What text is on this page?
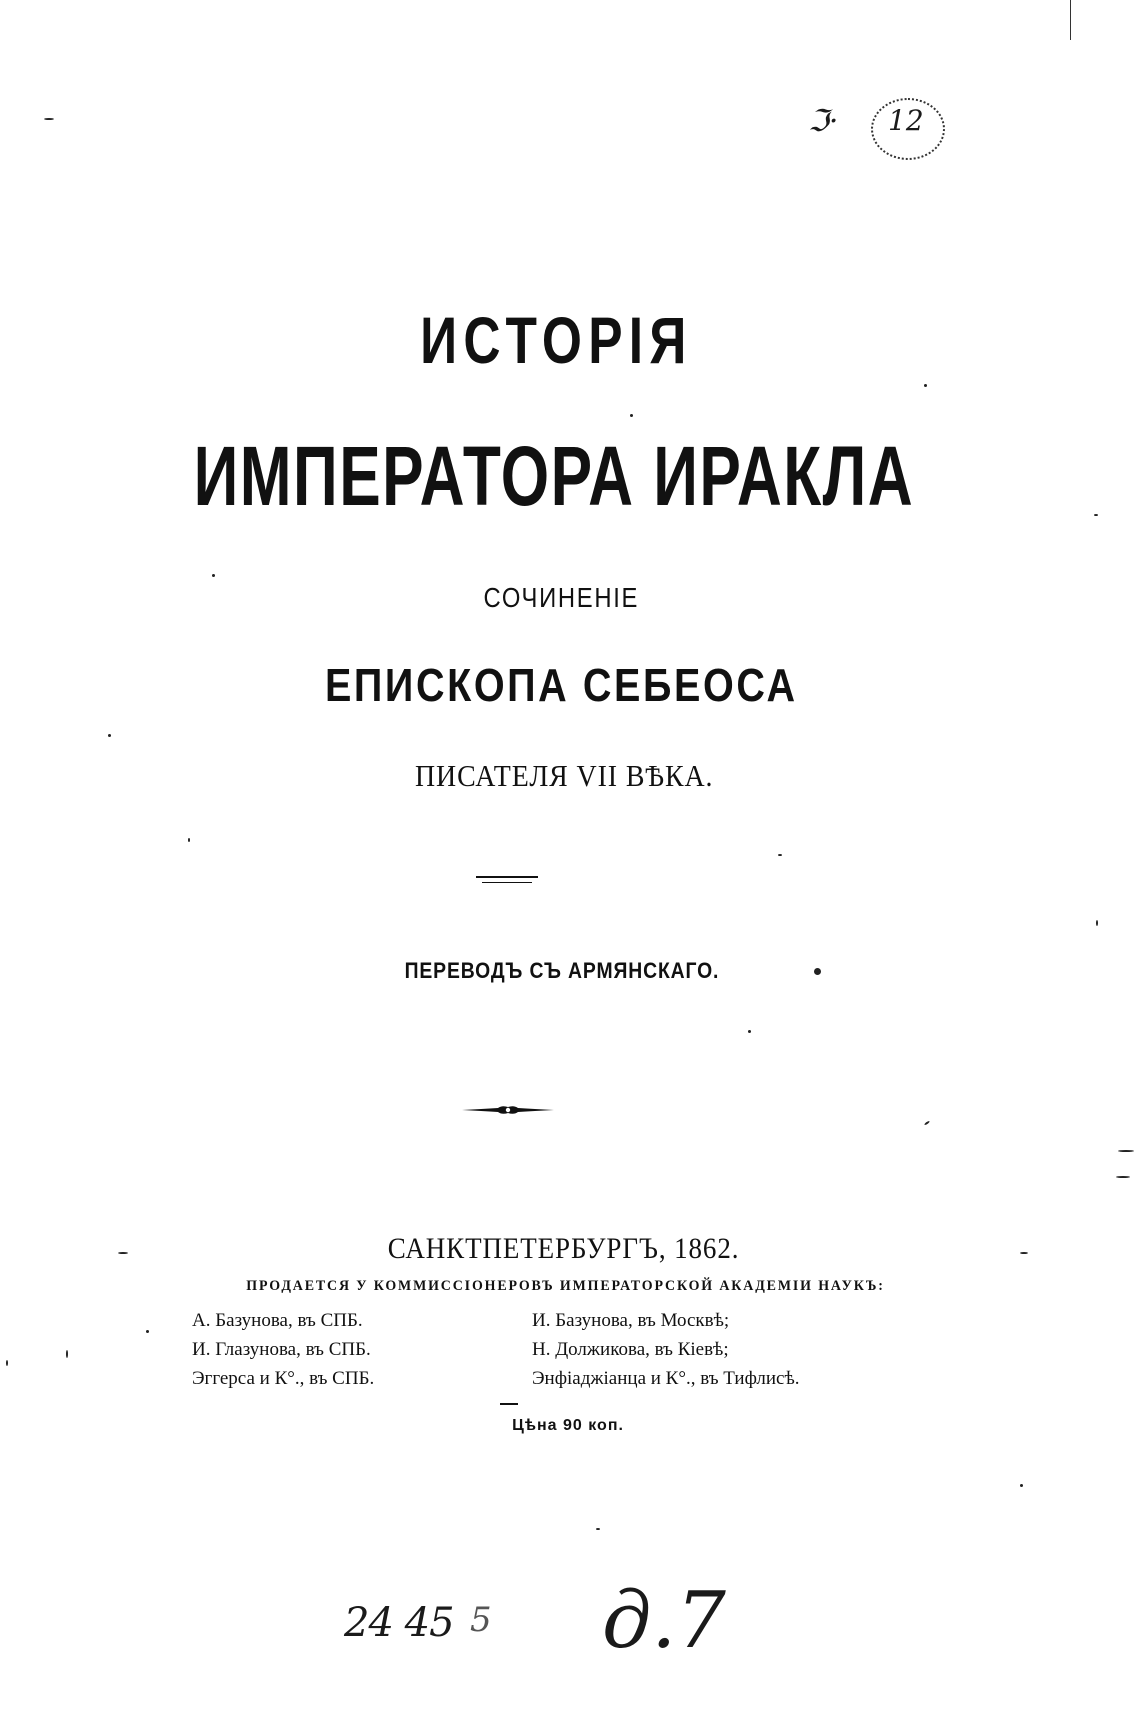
ℑ· 12
ИСТОРІЯ
ИМПЕРАТОРА ИРАКЛА
СОЧИНЕНІЕ
ЕПИСКОПА СЕБЕОСА
ПИСАТЕЛЯ VII ВѢКА.
ПЕРЕВОДЪ СЪ АРМЯНСКАГО.
САНКТПЕТЕРБУРГЪ, 1862.
ПРОДАЕТСЯ У КОММИССІОНЕРОВЪ ИМПЕРАТОРСКОЙ АКАДЕМІИ НАУКЪ:
А. Базунова, въ СПБ.
И. Глазунова, въ СПБ.
Эггерса и К°., въ СПБ.
И. Базунова, въ Москвѣ;
Н. Должикова, въ Кіевѣ;
Энфіаджіанца и К°., въ Тифлисѣ.
Цѣна 90 коп.
24 45 5 д.7
